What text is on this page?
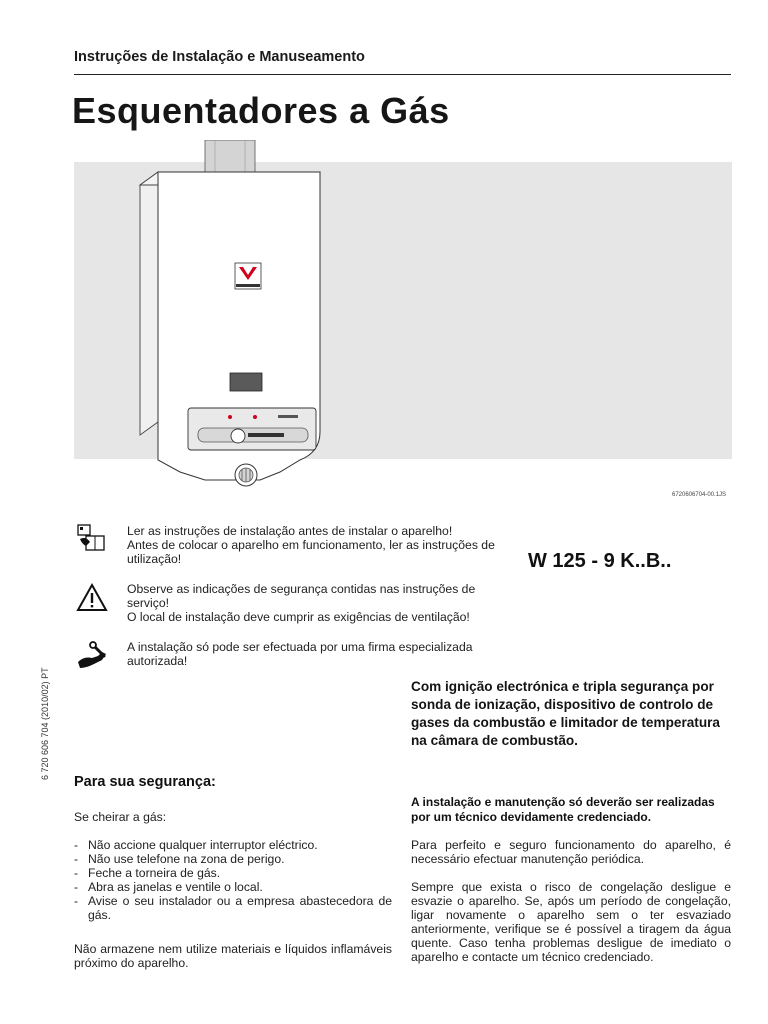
Instruções de Instalação e Manuseamento
Esquentadores a Gás
6720606704-00.1JS

Ler as instruções de instalação antes de instalar o aparelho!

Antes de colocar o aparelho em funcionamento, ler as instruções de utilização!

Observe as indicações de segurança contidas nas instruções de serviço!

O local de instalação deve cumprir as exigências de ventilação!

A instalação só pode ser efectuada por uma firma especializada autorizada!

W 125 - 9 K..B..
Com ignição electrónica e tripla segurança por sonda de ionização, dispositivo de controlo de gases da combustão e limitador de temperatura na câmara de combustão.
6 720 606 704 (2010/02) PT
Para sua segurança:
Se cheirar a gás:
- Não accione qualquer interruptor eléctrico.
- Não use telefone na zona de perigo.
- Feche a torneira de gás.
- Abra as janelas e ventile o local.
- Avise o seu instalador ou a empresa abastecedora de gás.
Não armazene nem utilize materiais e líquidos inflamáveis próximo do aparelho.
A instalação e manutenção só deverão ser realizadas por um técnico devidamente credenciado.
Para perfeito e seguro funcionamento do aparelho, é necessário efectuar manutenção periódica.
Sempre que exista o risco de congelação desligue e esvazie o aparelho. Se, após um período de congelação, ligar novamente o aparelho sem o ter esvaziado anteriormente, verifique se é possível a tiragem da água quente. Caso tenha problemas desligue de imediato o aparelho e contacte um técnico credenciado.
